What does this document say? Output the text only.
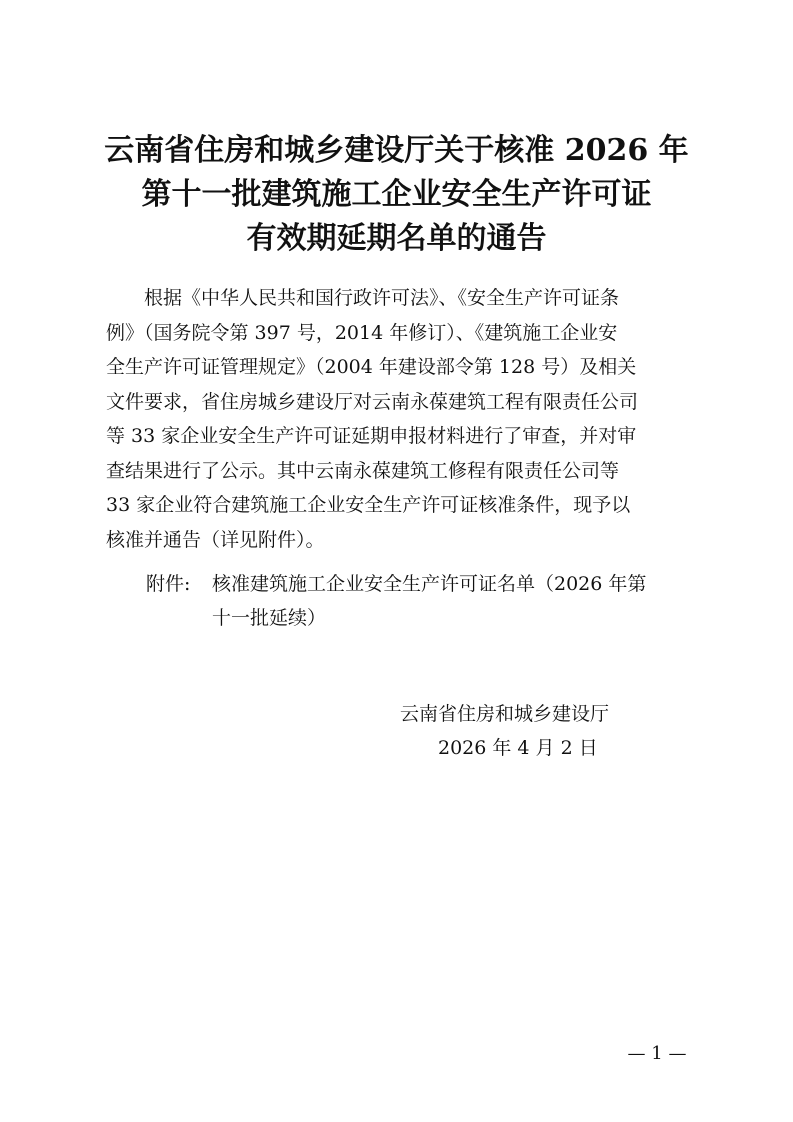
云南省住房和城乡建设厅关于核准 2026 年
第十一批建筑施工企业安全生产许可证
有效期延期名单的通告

　　根据《中华人民共和国行政许可法》、《安全生产许可证条
例》（国务院令第 397 号，2014 年修订）、《建筑施工企业安
全生产许可证管理规定》（2004 年建设部令第 128 号）及相关
文件要求，省住房城乡建设厅对云南永葆建筑工程有限责任公司
等 33 家企业安全生产许可证延期申报材料进行了审查，并对审
查结果进行了公示。其中云南永葆建筑工修程有限责任公司等
33 家企业符合建筑施工企业安全生产许可证核准条件，现予以
核准并通告（详见附件）。

附件: 核准建筑施工企业安全生产许可证名单（2026 年第
十一批延续）
云南省住房和城乡建设厅
2026 年 4 月 2 日
— 1 —
